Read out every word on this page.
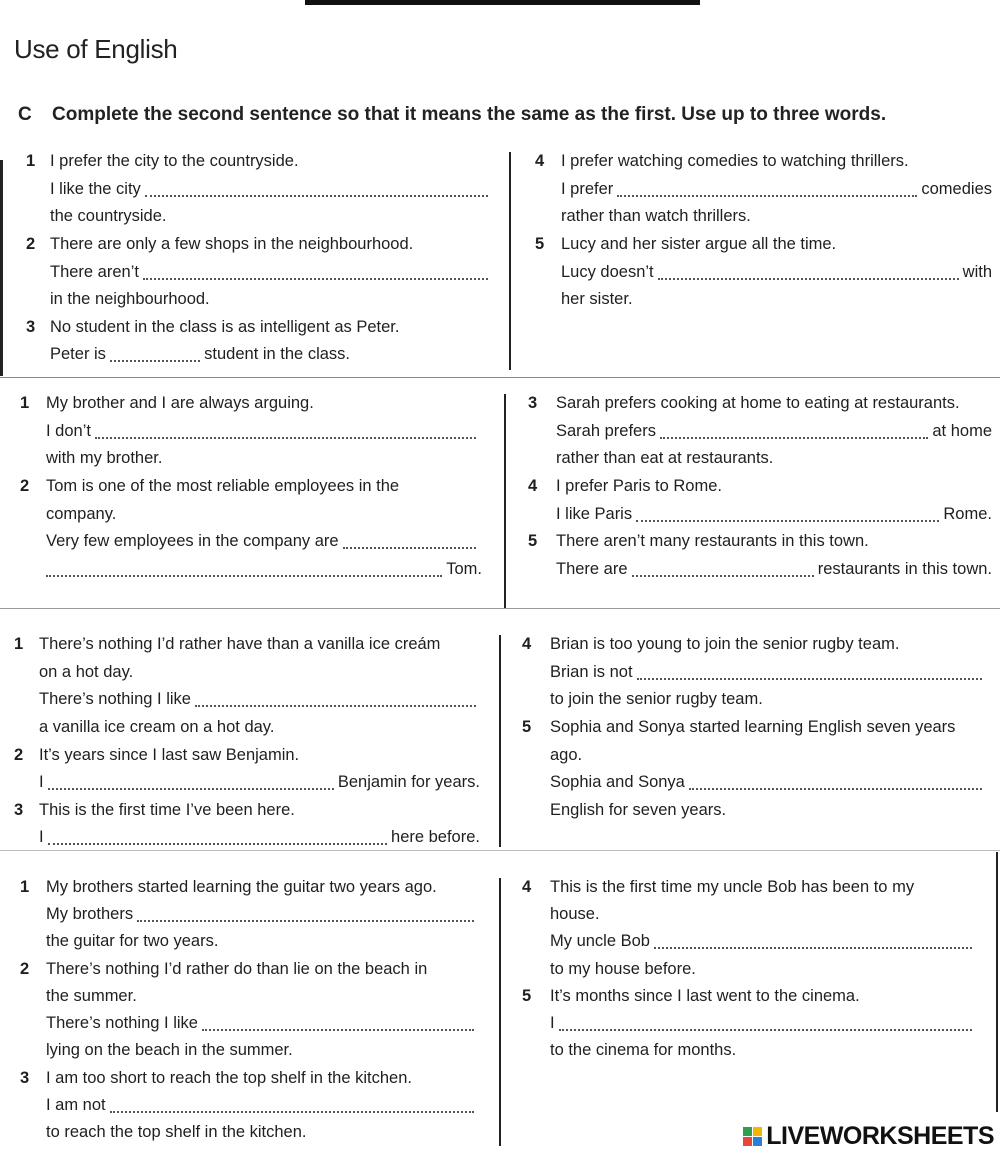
Use of English
C Complete the second sentence so that it means the same as the first. Use up to three words.
1 I prefer the city to the countryside.
I like the city
the countryside.
2 There are only a few shops in the neighbourhood.
There aren’t
in the neighbourhood.
3 No student in the class is as intelligent as Peter.
Peter is	student in the class.
4 I prefer watching comedies to watching thrillers.
I prefer	comedies
rather than watch thrillers.
5 Lucy and her sister argue all the time.
Lucy doesn’t	with
her sister.
1 My brother and I are always arguing.
I don’t
with my brother.
2 Tom is one of the most reliable employees in the
company.
Very few employees in the company are
Tom.
3 Sarah prefers cooking at home to eating at restaurants.
Sarah prefers	at home
rather than eat at restaurants.
4 I prefer Paris to Rome.
I like Paris	Rome.
5 There aren’t many restaurants in this town.
There are	restaurants in this town.
1 There’s nothing I’d rather have than a vanilla ice creám
on a hot day.
There’s nothing I like
a vanilla ice cream on a hot day.
2 It’s years since I last saw Benjamin.
I	Benjamin for years.
3 This is the first time I’ve been here.
I	here before.
4 Brian is too young to join the senior rugby team.
Brian is not
to join the senior rugby team.
5 Sophia and Sonya started learning English seven years
ago.
Sophia and Sonya
English for seven years.
1 My brothers started learning the guitar two years ago.
My brothers
the guitar for two years.
2 There’s nothing I’d rather do than lie on the beach in
the summer.
There’s nothing I like
lying on the beach in the summer.
3 I am too short to reach the top shelf in the kitchen.
I am not
to reach the top shelf in the kitchen.
4 This is the first time my uncle Bob has been to my
house.
My uncle Bob
to my house before.
5 It’s months since I last went to the cinema.
I
to the cinema for months.
LIVEWORKSHEETS
